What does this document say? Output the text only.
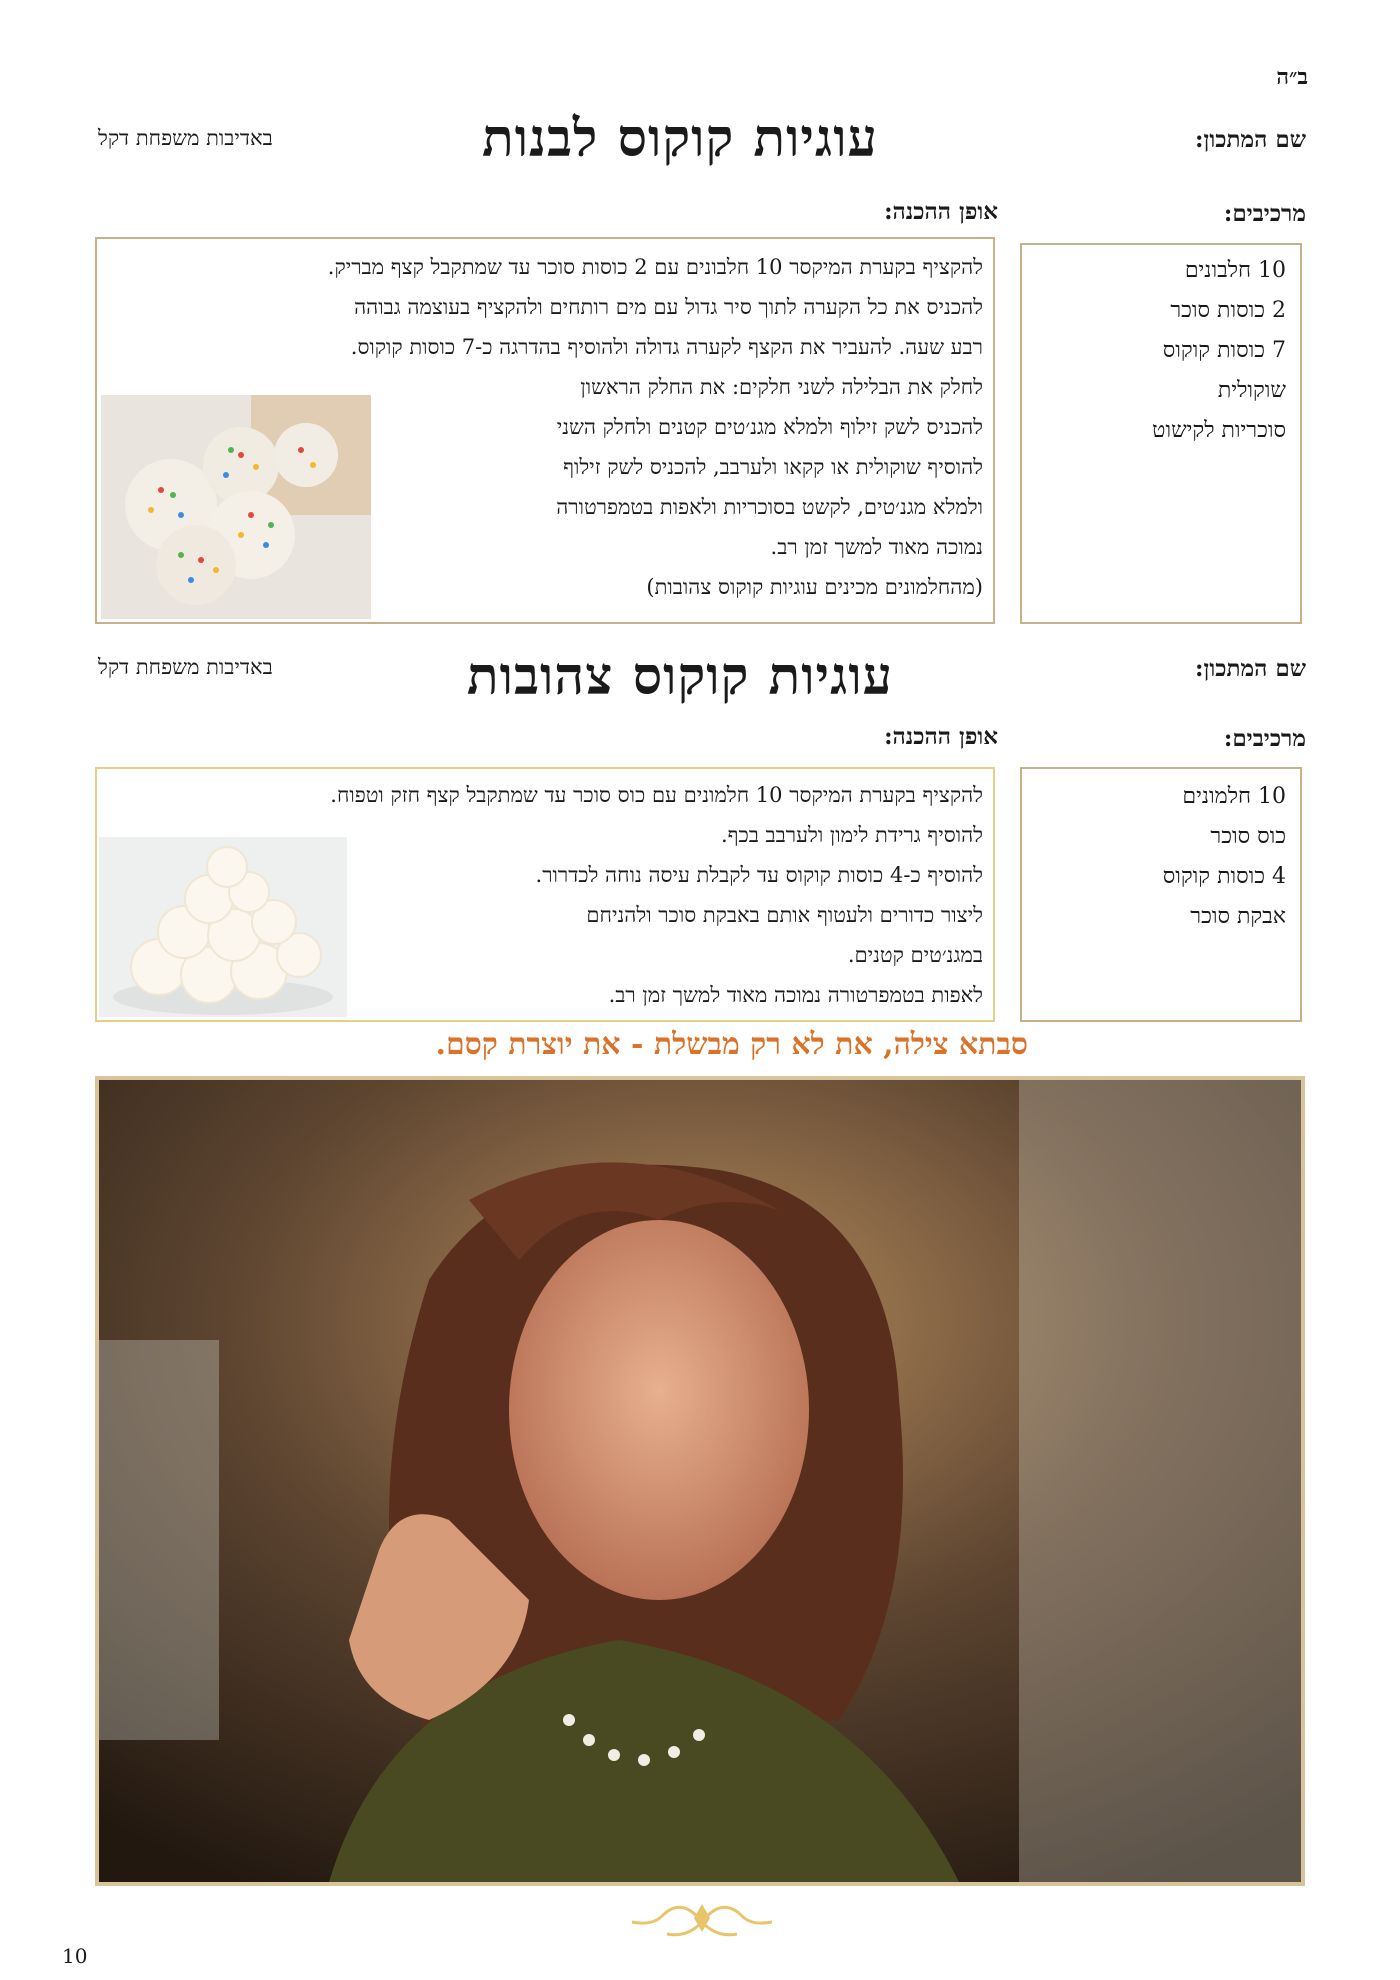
ב״ה
שם המתכון:
עוגיות קוקוס לבנות
באדיבות משפחת דקל
מרכיבים:
אופן ההכנה:
10 חלבונים
2 כוסות סוכר
7 כוסות קוקוס
שוקולית
סוכריות לקישוט
להקציף בקערת המיקסר 10 חלבונים עם 2 כוסות סוכר עד שמתקבל קצף מבריק.
להכניס את כל הקערה לתוך סיר גדול עם מים רותחים ולהקציף בעוצמה גבוהה
רבע שעה. להעביר את הקצף לקערה גדולה ולהוסיף בהדרגה כ-7 כוסות קוקוס.
לחלק את הבלילה לשני חלקים: את החלק הראשון
להכניס לשק זילוף ולמלא מגנ׳טים קטנים ולחלק השני
להוסיף שוקולית או קקאו ולערבב, להכניס לשק זילוף
ולמלא מגנ׳טים, לקשט בסוכריות ולאפות בטמפרטורה
נמוכה מאוד למשך זמן רב.
(מהחלמונים מכינים עוגיות קוקוס צהובות)
שם המתכון:
עוגיות קוקוס צהובות
באדיבות משפחת דקל
מרכיבים:
אופן ההכנה:
10 חלמונים
כוס סוכר
4 כוסות קוקוס
אבקת סוכר
להקציף בקערת המיקסר 10 חלמונים עם כוס סוכר עד שמתקבל קצף חזק וטפוח.
להוסיף גרידת לימון ולערבב בכף.
להוסיף כ-4 כוסות קוקוס עד לקבלת עיסה נוחה לכדרור.
ליצור כדורים ולעטוף אותם באבקת סוכר ולהניחם
במגנ׳טים קטנים.
לאפות בטמפרטורה נמוכה מאוד למשך זמן רב.
סבתא צילה, את לא רק מבשלת - את יוצרת קסם.
10
